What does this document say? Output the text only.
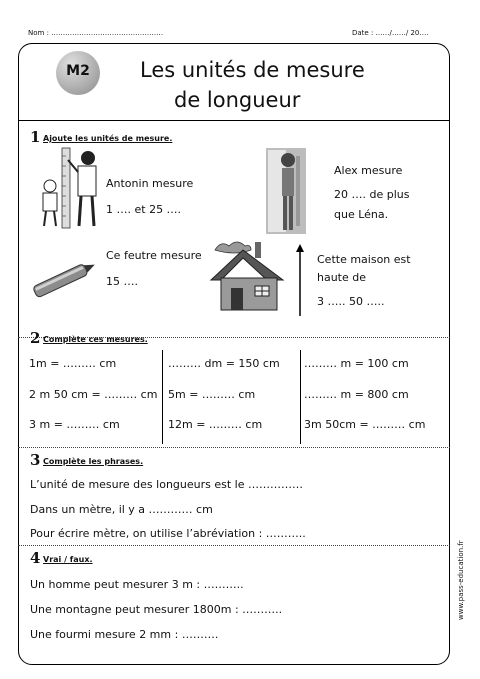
Nom : …………………………………………	Date : ……/……/ 20….
M2	Les unités de mesure
de longueur
1 Ajoute les unités de mesure.
Antonin mesure
1 …. et 25 ….
Alex mesure
20 …. de plus
que Léna.
Ce feutre mesure
15 ….
Cette maison est
haute de
3 ….. 50 …..
2 Complète ces mesures.
1m = ……… cm
2 m 50 cm = ……… cm
3 m = ……… cm
……… dm = 150 cm
5m = ……… cm
12m = ……… cm
……… m = 100 cm
……… m = 800 cm
3m 50cm = ……… cm
3 Complète les phrases.
L’unité de mesure des longueurs est le ……………
Dans un mètre, il y a ………… cm
Pour écrire mètre, on utilise l’abréviation : ………..
4 Vrai / faux.
Un homme peut mesurer 3 m : ………..
Une montagne peut mesurer 1800m : ………..
Une fourmi mesure 2 mm : ……….
www.pass-education.fr
